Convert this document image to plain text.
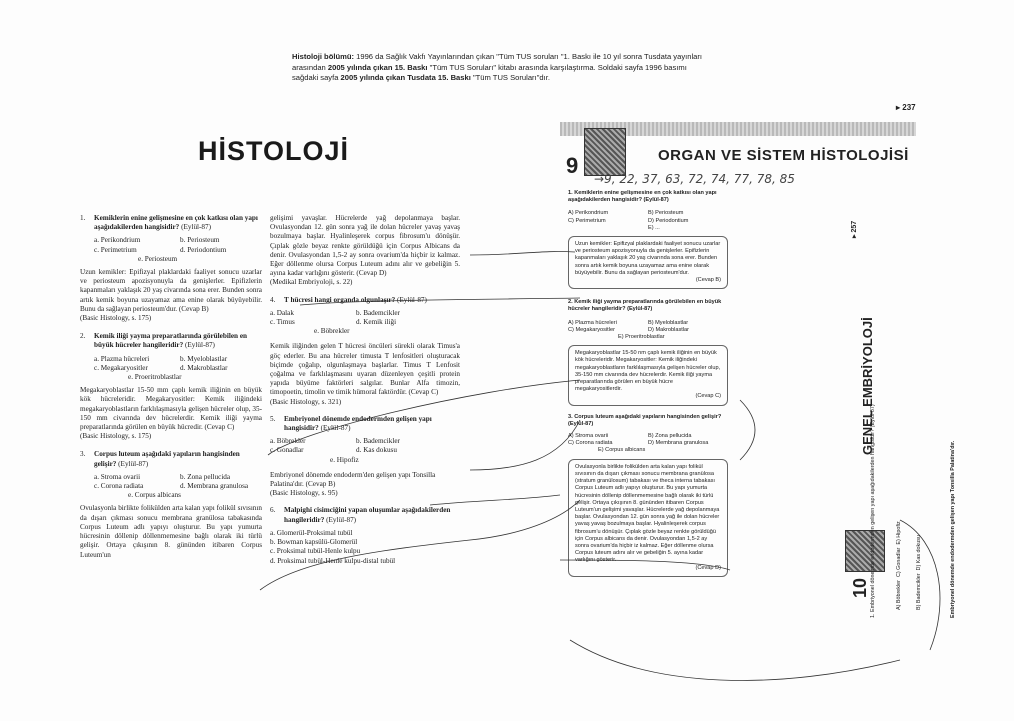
Histoloji bölümü: 1996 da Sağlık Vakfı Yayınlarından çıkan "Tüm TUS soruları "1. Baskı ile 10 yıl sonra Tusdata yayınları arasından 2005 yılında çıkan 15. Baskı "Tüm TUS Soruları" kitabı arasında karşılaştırma. Soldaki sayfa 1996 basımı sağdaki sayfa 2005 yılında çıkan Tusdata 15. Baskı "Tüm TUS Soruları"dır.
HİSTOLOJİ
1.	Kemiklerin enine gelişmesine en çok katkısı olan yapı aşağıdakilerden hangisidir? (Eylül-87)
a. Perikondrium	b. Periosteum
c. Perimetrium	d. Periodontium
e. Periosteum
Uzun kemikler: Epifizyal plaklardaki faaliyet sonucu uzarlar ve periosteum apozisyonuyla da genişlerler. Epifizlerin kapanmaları yaklaşık 20 yaş civarında sona erer. Bunden sonra artık kemik boyuna uzayamaz ama enine olarak büyüyebilir. Bunu da sağlayan periosteum'dur. (Cevap B)
(Basic Histology, s. 175)
2.	Kemik iliği yayma preparatlarında görülebilen en büyük hücreler hangileridir? (Eylül-87)
a. Plazma hücreleri	b. Myeloblastlar
c. Megakaryositler	d. Makroblastlar
e. Proeritroblastlar
Megakaryoblastlar 15-50 mm çaplı kemik iliğinin en büyük kök hücreleridir. Megakaryositler: Kemik iliğindeki megakaryoblastların farklılaşmasıyla gelişen hücreler olup, 35-150 mm civarında dev hücrelerdir. Kemik iliği yayma preparatlarında görülen en büyük hücredir. (Cevap C)
(Basic Histology, s. 175)
3.	Corpus luteum aşağıdaki yapıların hangisinden gelişir? (Eylül-87)
a. Stroma ovarii	b. Zona pellucida
c. Corona radiata	d. Membrana granulosa
e. Corpus albicans
Ovulasyonla birlikte folikülden arta kalan yapı folikül sıvısının da dışarı çıkması sonucu membrana granülosa tabakasında Corpus Luteum adlı yapıyı oluşturur. Bu yapı yumurta hücresinin döllenip döllenmemesine bağlı olarak iki türlü gelişir. Ortaya çıkışının 8. gününden itibaren Corpus Luteum'un
gelişimi yavaşlar. Hücrelerde yağ depolanmaya başlar. Ovulasyondan 12. gün sonra yağ ile dolan hücreler yavaş yavaş bozulmaya başlar. Hyalinleşerek corpus fibrosum'u dönüşür. Çıplak gözle beyaz renkte görüldüğü için Corpus Albicans da denir. Ovulasyondan 1,5-2 ay sonra ovarium'da hiçbir iz kalmaz. Eğer döllenme olursa Corpus Luteum adını alır ve gebeliğin 5. ayına kadar varlığını gösterir. (Cevap D)
(Medikal Embriyoloji, s. 22)
4.	T hücresi hangi organda olgunlaşır? (Eylül-87)
a. Dalak	b. Bademcikler
c. Timus	d. Kemik iliği
e. Böbrekler
Kemik iliğinden gelen T hücresi öncüleri sürekli olarak Timus'a göç ederler. Bu ana hücreler timusta T lenfositleri oluşturacak biçimde çoğalıp, olgunlaşmaya başlarlar. Timus T Lenfosit çoğalma ve farklılaşmasını uyaran düzenleyen çeşitli protein yapıda büyüme faktörleri salgılar. Bunlar Alfa timozin, timopoetin, timolin ve timik hümoral faktördür. (Cevap C)
(Basic Histology, s. 321)
5.	Embriyonel dönemde endodermden gelişen yapı hangisidir? (Eylül-87)
a. Böbrekler	b. Bademcikler
c. Gonadlar	d. Kas dokusu
e. Hipofiz
Embriyonel dönemde endoderm'den gelişen yapı Tonsilla Palatina'dır. (Cevap B)
(Basic Histology, s. 95)
6.	Malpighi cisimciğini yapan oluşumlar aşağıdakilerden hangileridir? (Eylül-87)
a. Glomerül-Proksimal tubül
b. Bowman kapsülü-Glomerül
c. Proksimal tubül-Henle kulpu
d. Proksimal tubül-Henle kulpu-distal tubül
▸ 237
9	ORGAN VE SİSTEM HİSTOLOJİSİ
→9, 22, 37, 63, 72, 74, 77, 78, 85
1. Kemiklerin enine gelişmesine en çok katkısı olan yapı aşağıdakilerden hangisidir? (Eylül-87)
A) Perikondrium	B) Periosteum
C) Perimetrium	D) Periodontium
E) ...
Uzun kemikler: Epifizyal plaklardaki faaliyet sonucu uzarlar ve periosteum apozisyonuyla da genişlerler. Epifizlerin kapanmaları yaklaşık 20 yaş civarında sona erer. Bunden sonra artık kemik boyuna uzayamaz ama enine olarak büyüyebilir. Bunu da sağlayan periosteum'dur.
(Cevap B)
2. Kemik iliği yayma preparatlarında görülebilen en büyük hücreler hangileridir? (Eylül-87)
A) Plazma hücreleri	B) Myeloblastlar
C) Megakaryositler	D) Makroblastlar
E) Proeritroblastlar
Megakaryoblastlar 15-50 nm çaplı kemik iliğinin en büyük kök hücreleridir. Megakaryositler: Kemik iliğindeki megakaryoblastların farklılaşmasıyla gelişen hücreler olup, 35-150 mm civarında dev hücrelerdir. Kemik iliği yayma preparatlarında görülen en büyük hücre megakaryositlerdir.
(Cevap C)
3. Corpus luteum aşağıdaki yapıların hangisinden gelişir? (Eylül-87)
A) Stroma ovarii	B) Zona pellucida
C) Corona radiata	D) Membrana granulosa
E) Corpus albicans
Ovulasyonla birlikte folikülden arta kalan yapı folikül sıvısının da dışarı çıkması sonucu membrana granülosa (stratum granülosum) tabakası ve theca interna tabakası Corpus Luteum adlı yapıyı oluşturur. Bu yapı yumurta hücresinin döllenip döllenmemesine bağlı olarak iki türlü gelişir. Ortaya çıkışının 8. gününden itibaren Corpus Luteum'un gelişimi yavaşlar. Hücrelerde yağ depolanmaya başlar. Ovulasyondan 12. gün sonra yağ ile dolan hücreler yavaş yavaş bozulmaya başlar. Hyalinleşerek corpus fibrosum'u dönüşür. Çıplak gözle beyaz renkte görüldüğü için Corpus albicans da denir. Ovulasyondan 1,5-2 ay sonra ovarium'da hiçbir iz kalmaz. Eğer döllenme olursa Corpus luteum adını alır ve gebeliğin 5. ayına kadar varlığını gösterir.
(Cevap D)
▸ 257
GENEL EMBRİYOLOJİ
10 1. Embriyonel dönemde endodermden gelişen yapı aşağıdakilerden hangisidir? (Eylül-87)	A) Böbrekler  C) Gonadlar  E) Hipofiz
B) Bademcikler  D) Kas dokusu	Embriyonel dönemde endodermden gelişen yapı Tonsilla Palatina'dır.
